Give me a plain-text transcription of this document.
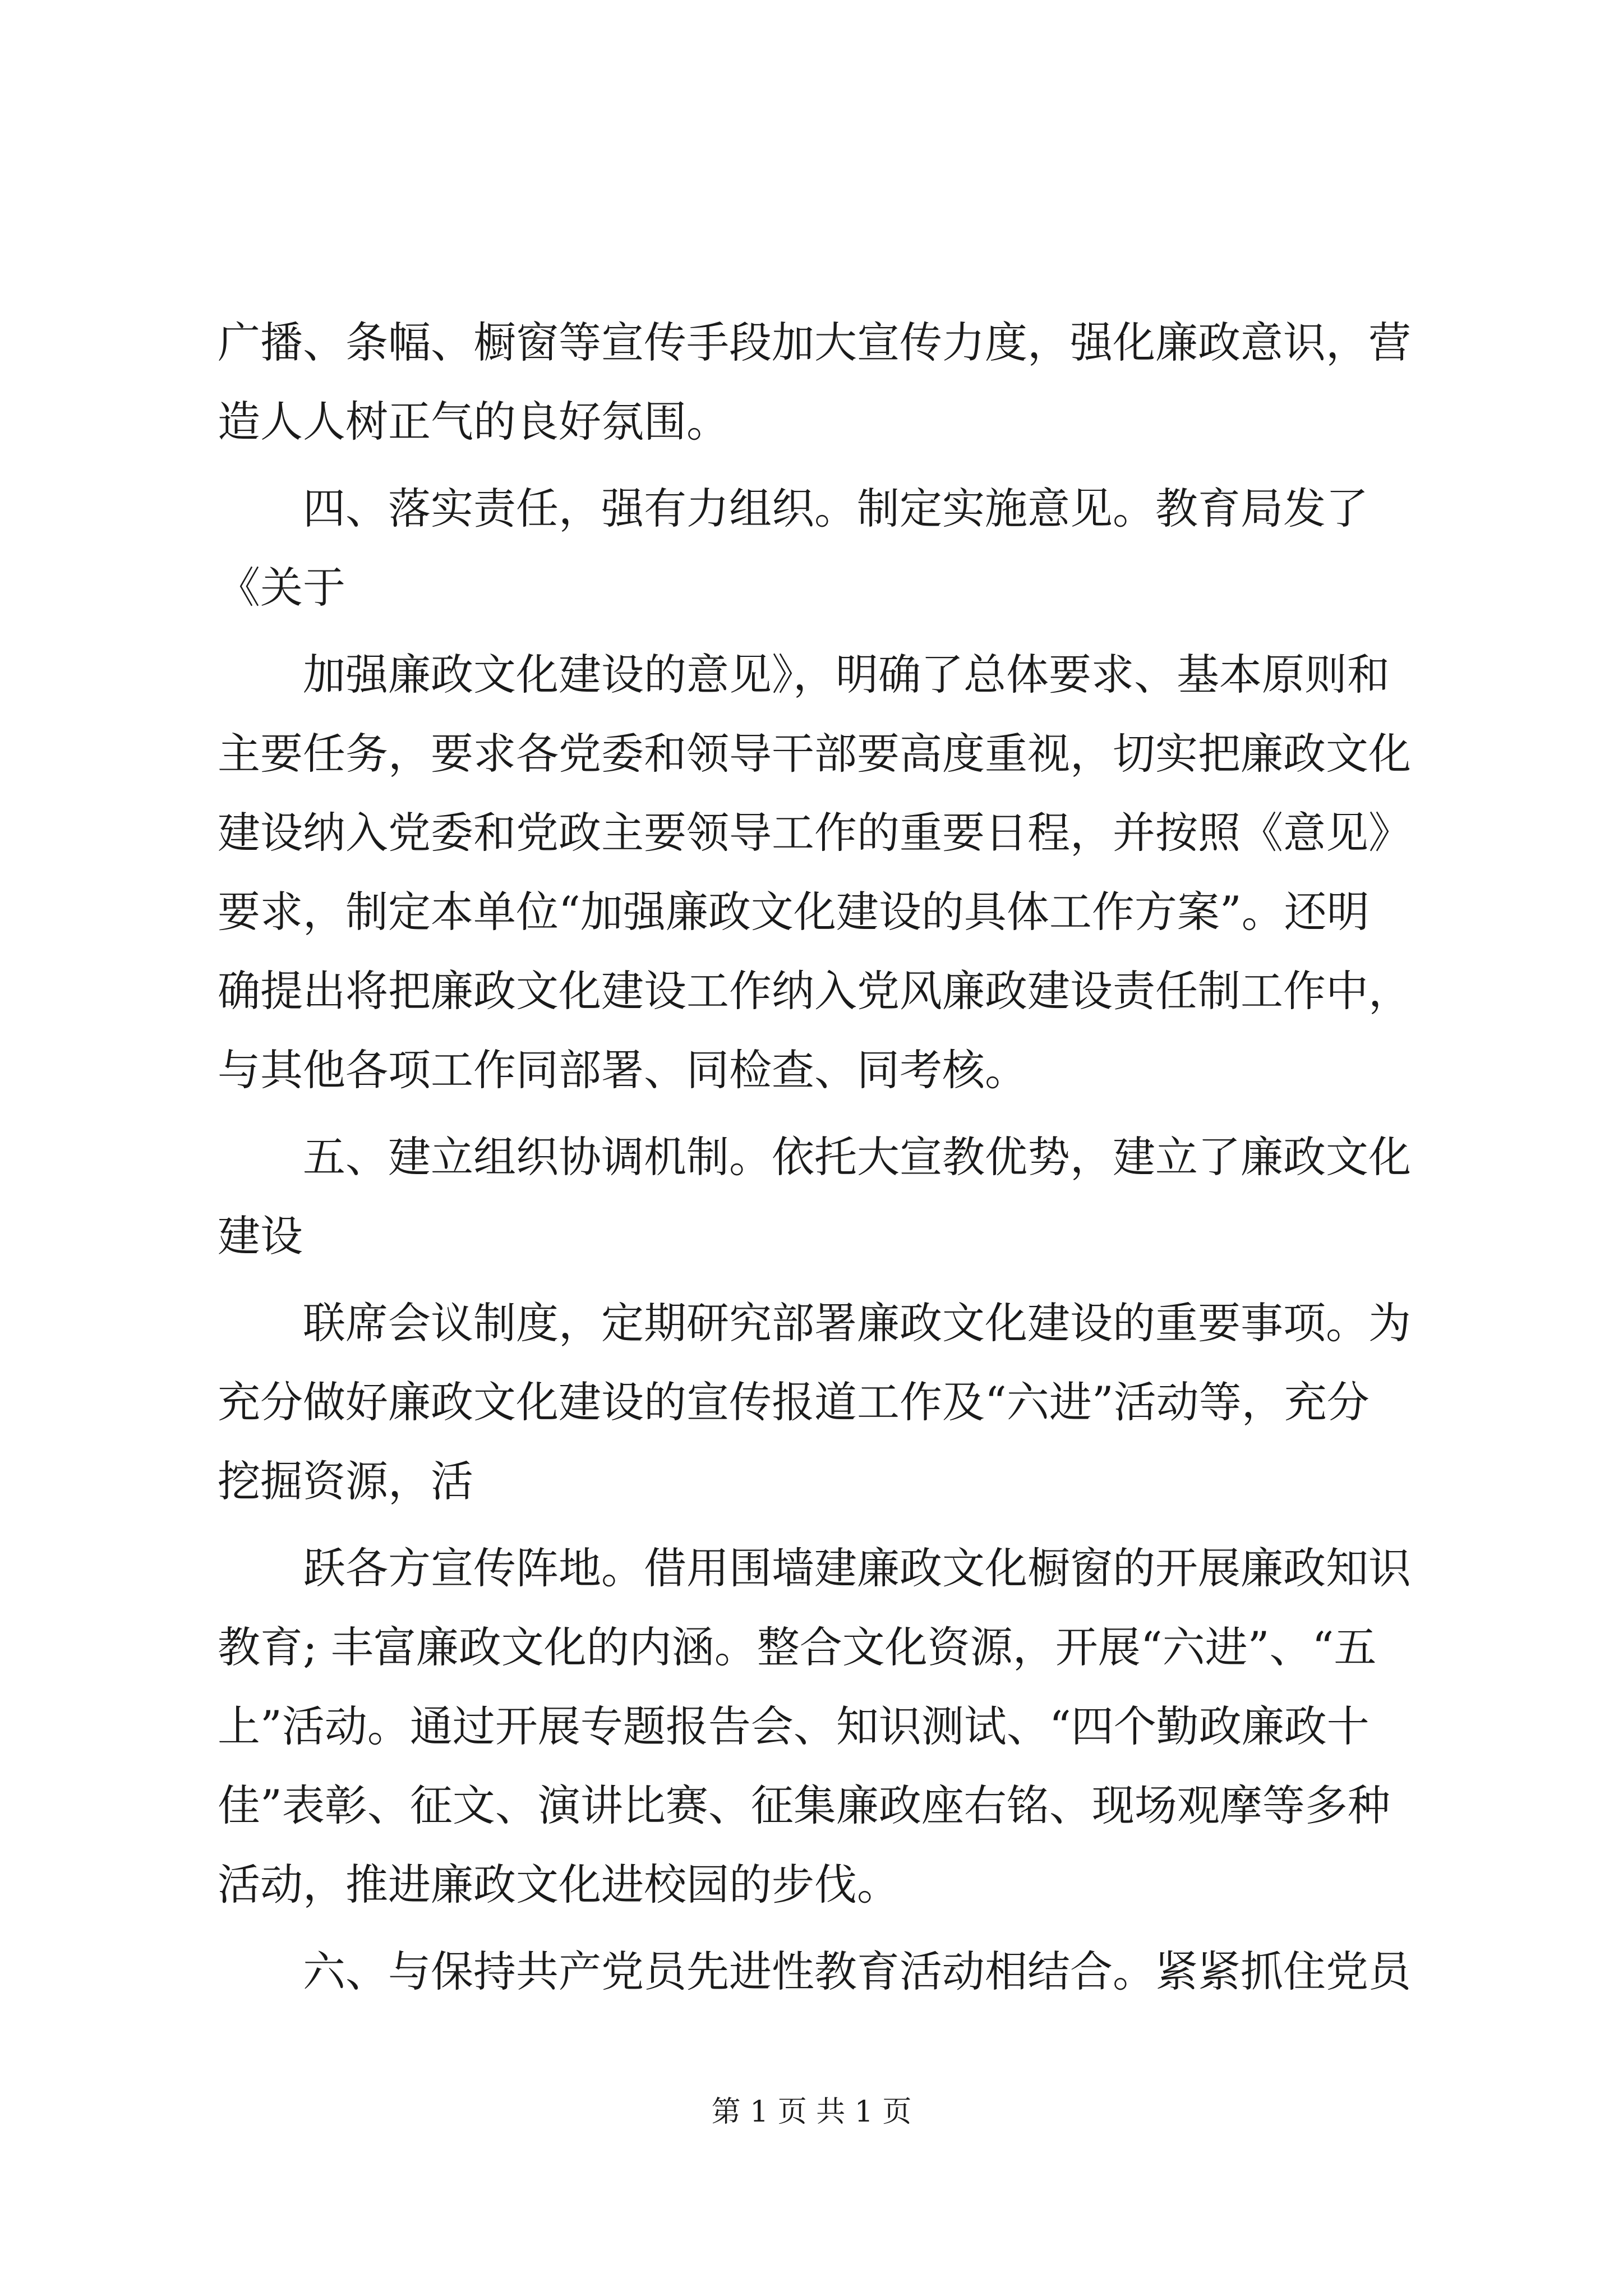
广播、条幅、橱窗等宣传手段加大宣传力度，强化廉政意识，营
造人人树正气的良好氛围。
四、落实责任，强有力组织。制定实施意见。教育局发了
《关于
加强廉政文化建设的意见》，明确了总体要求、基本原则和
主要任务，要求各党委和领导干部要高度重视，切实把廉政文化
建设纳入党委和党政主要领导工作的重要日程，并按照《意见》
要求，制定本单位“加强廉政文化建设的具体工作方案”。还明
确提出将把廉政文化建设工作纳入党风廉政建设责任制工作中，
与其他各项工作同部署、同检查、同考核。
五、建立组织协调机制。依托大宣教优势，建立了廉政文化
建设
联席会议制度，定期研究部署廉政文化建设的重要事项。为
充分做好廉政文化建设的宣传报道工作及“六进”活动等，充分
挖掘资源，活
跃各方宣传阵地。借用围墙建廉政文化橱窗的开展廉政知识
教育; 丰富廉政文化的内涵。整合文化资源，开展“六进”、“五
上”活动。通过开展专题报告会、知识测试、“四个勤政廉政十
佳”表彰、征文、演讲比赛、征集廉政座右铭、现场观摩等多种
活动，推进廉政文化进校园的步伐。
六、与保持共产党员先进性教育活动相结合。紧紧抓住党员
第 1 页 共 1 页
